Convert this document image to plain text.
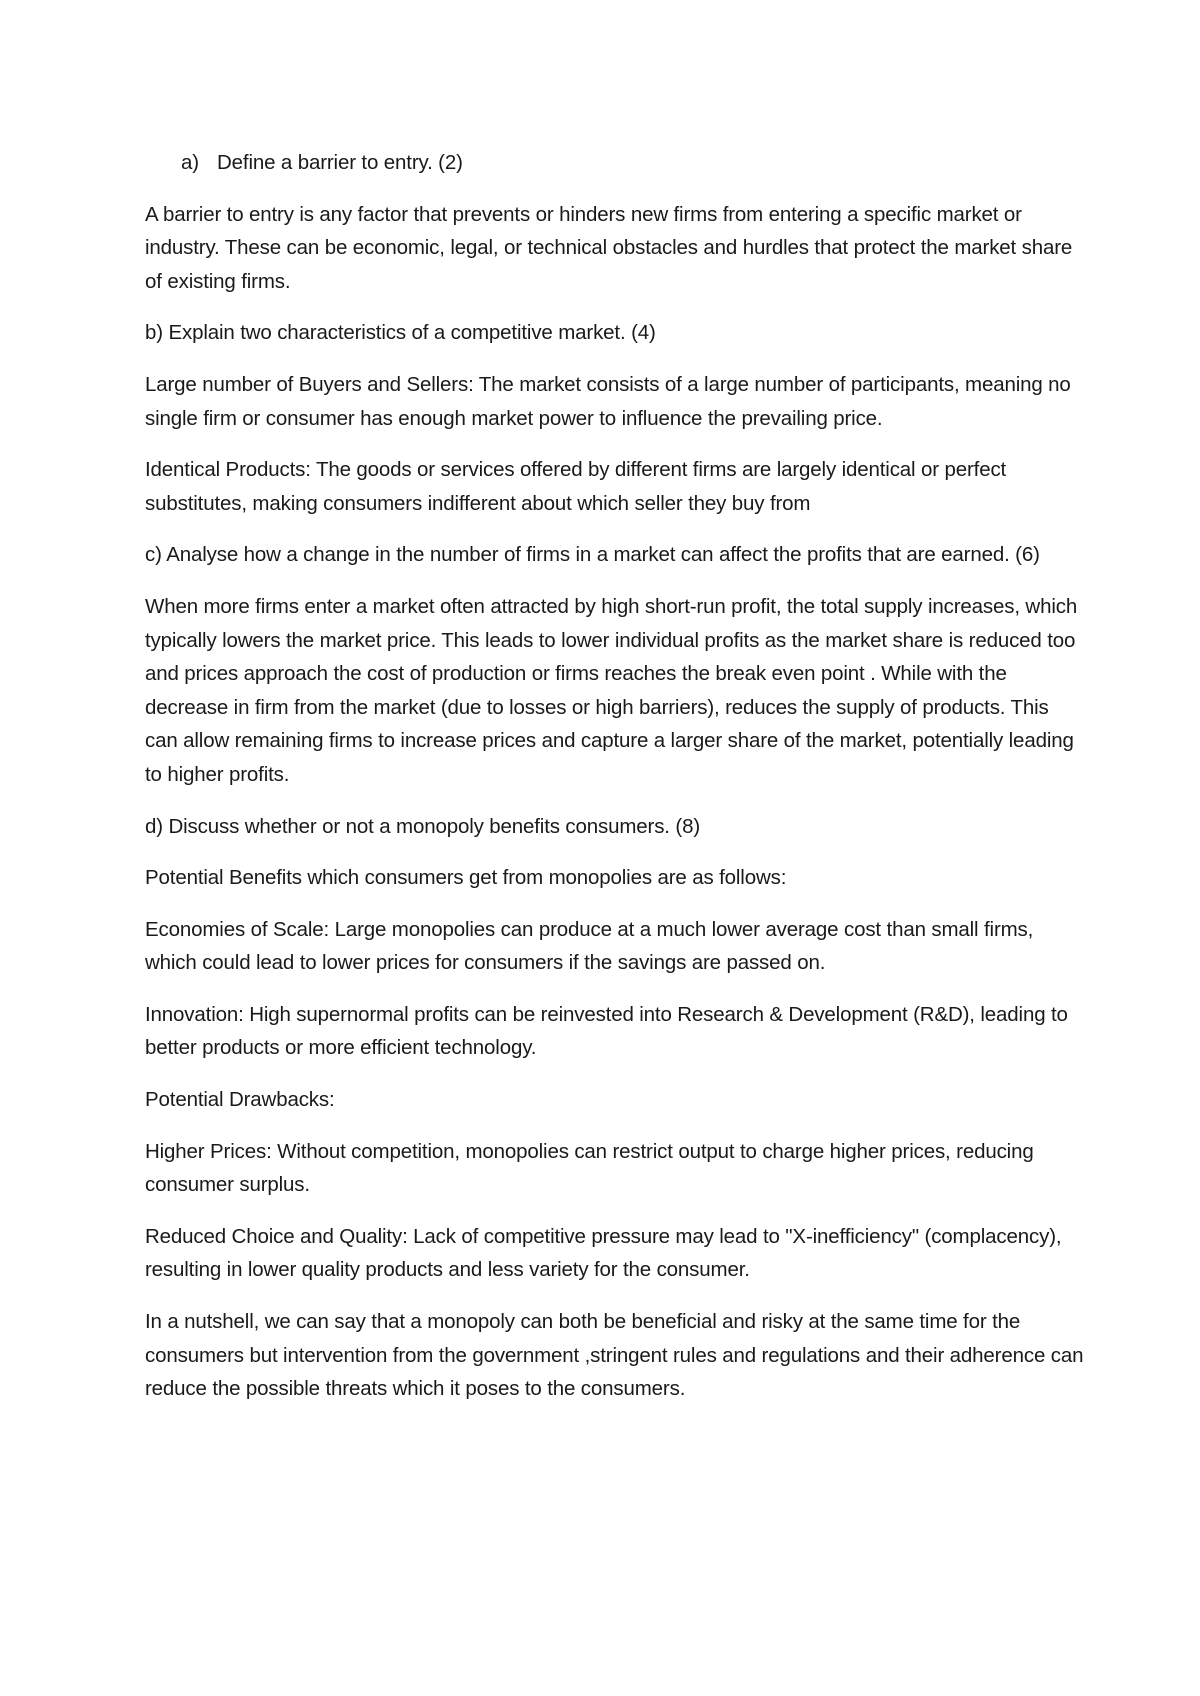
a) Define a barrier to entry. (2)

A barrier to entry is any factor that prevents or hinders new firms from entering a specific market or industry. These can be economic, legal, or technical obstacles and hurdles that protect the market share of existing firms.

b) Explain two characteristics of a competitive market. (4)

Large number of Buyers and Sellers: The market consists of a large number of participants, meaning no single firm or consumer has enough market power to influence the prevailing price.

Identical Products: The goods or services offered by different firms are largely identical or perfect substitutes, making consumers indifferent about which seller they buy from

c) Analyse how a change in the number of firms in a market can affect the profits that are earned. (6)

When more firms enter a market often attracted by high short-run profit, the total supply increases, which typically lowers the market price. This leads to lower individual profits as the market share is reduced too and prices approach the cost of production or firms reaches the break even point . While with the decrease in firm from the market (due to losses or high barriers), reduces the supply of products. This can allow remaining firms to increase prices and capture a larger share of the market, potentially leading to higher profits.

d) Discuss whether or not a monopoly benefits consumers. (8)

Potential Benefits which consumers get from monopolies are as follows:

Economies of Scale: Large monopolies can produce at a much lower average cost than small firms, which could lead to lower prices for consumers if the savings are passed on.

Innovation: High supernormal profits can be reinvested into Research & Development (R&D), leading to better products or more efficient technology.

Potential Drawbacks:

Higher Prices: Without competition, monopolies can restrict output to charge higher prices, reducing consumer surplus.

Reduced Choice and Quality: Lack of competitive pressure may lead to "X-inefficiency" (complacency), resulting in lower quality products and less variety for the consumer.

In a nutshell, we can say that a monopoly can both be beneficial and risky at the same time for the consumers but intervention from the government ,stringent rules and regulations and their adherence can reduce the possible threats which it poses to the consumers.
